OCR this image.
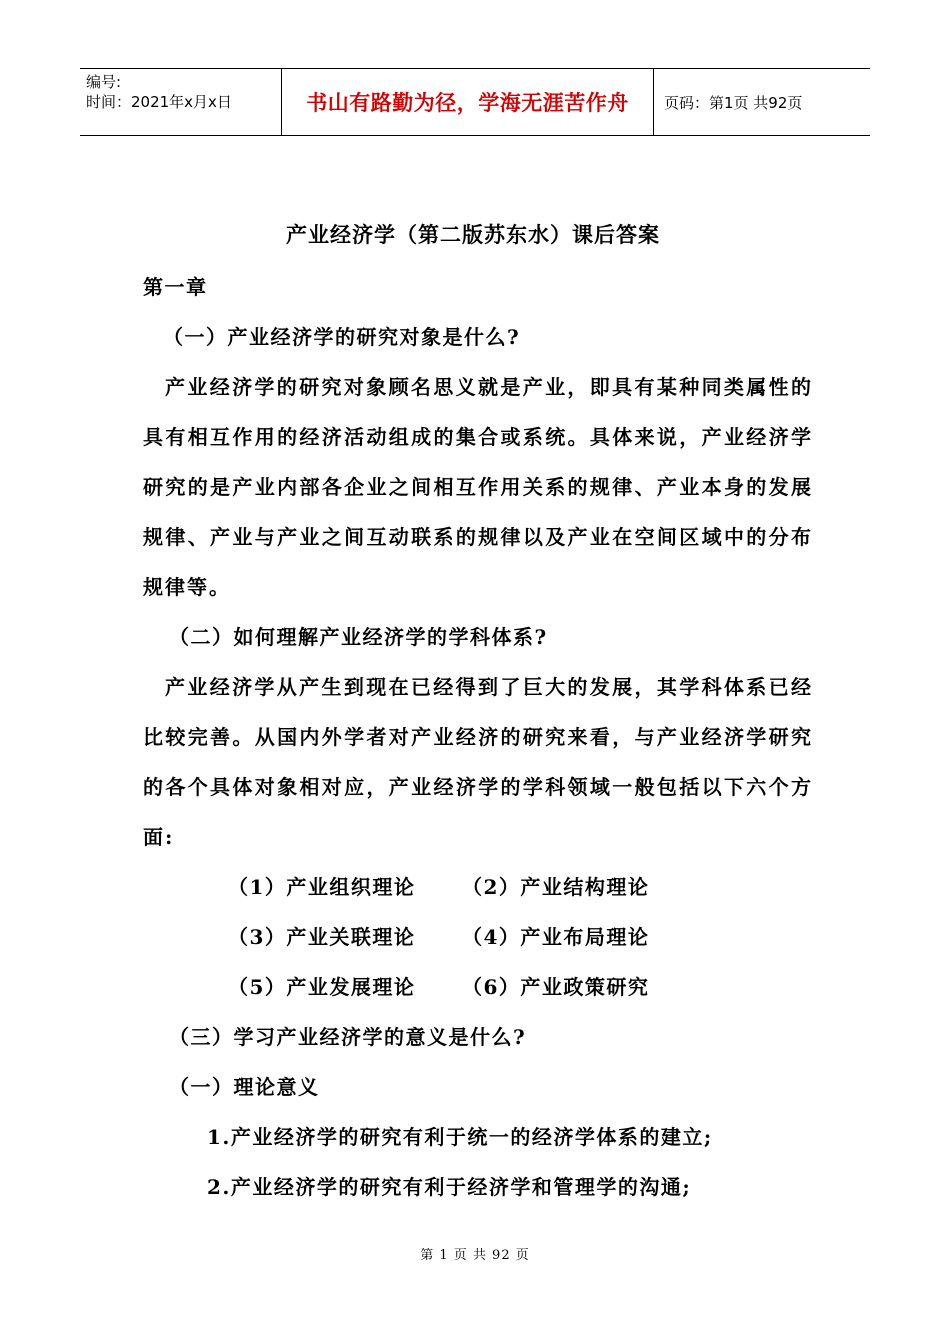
编号:
时间：2021年x月x日	书山有路勤为径，学海无涯苦作舟	页码：第1页 共92页
产业经济学（第二版苏东水）课后答案
第一章
（一）产业经济学的研究对象是什么?
产业经济学的研究对象顾名思义就是产业，即具有某种同类属性的具有相互作用的经济活动组成的集合或系统。具体来说，产业经济学研究的是产业内部各企业之间相互作用关系的规律、产业本身的发展规律、产业与产业之间互动联系的规律以及产业在空间区域中的分布规律等。
（二）如何理解产业经济学的学科体系?
产业经济学从产生到现在已经得到了巨大的发展，其学科体系已经比较完善。从国内外学者对产业经济的研究来看，与产业经济学研究的各个具体对象相对应，产业经济学的学科领域一般包括以下六个方面:
（1）产业组织理论	（2）产业结构理论
（3）产业关联理论	（4）产业布局理论
（5）产业发展理论	（6）产业政策研究
（三）学习产业经济学的意义是什么?
（一）理论意义
1.产业经济学的研究有利于统一的经济学体系的建立;
2.产业经济学的研究有利于经济学和管理学的沟通;
第 1 页 共 92 页
